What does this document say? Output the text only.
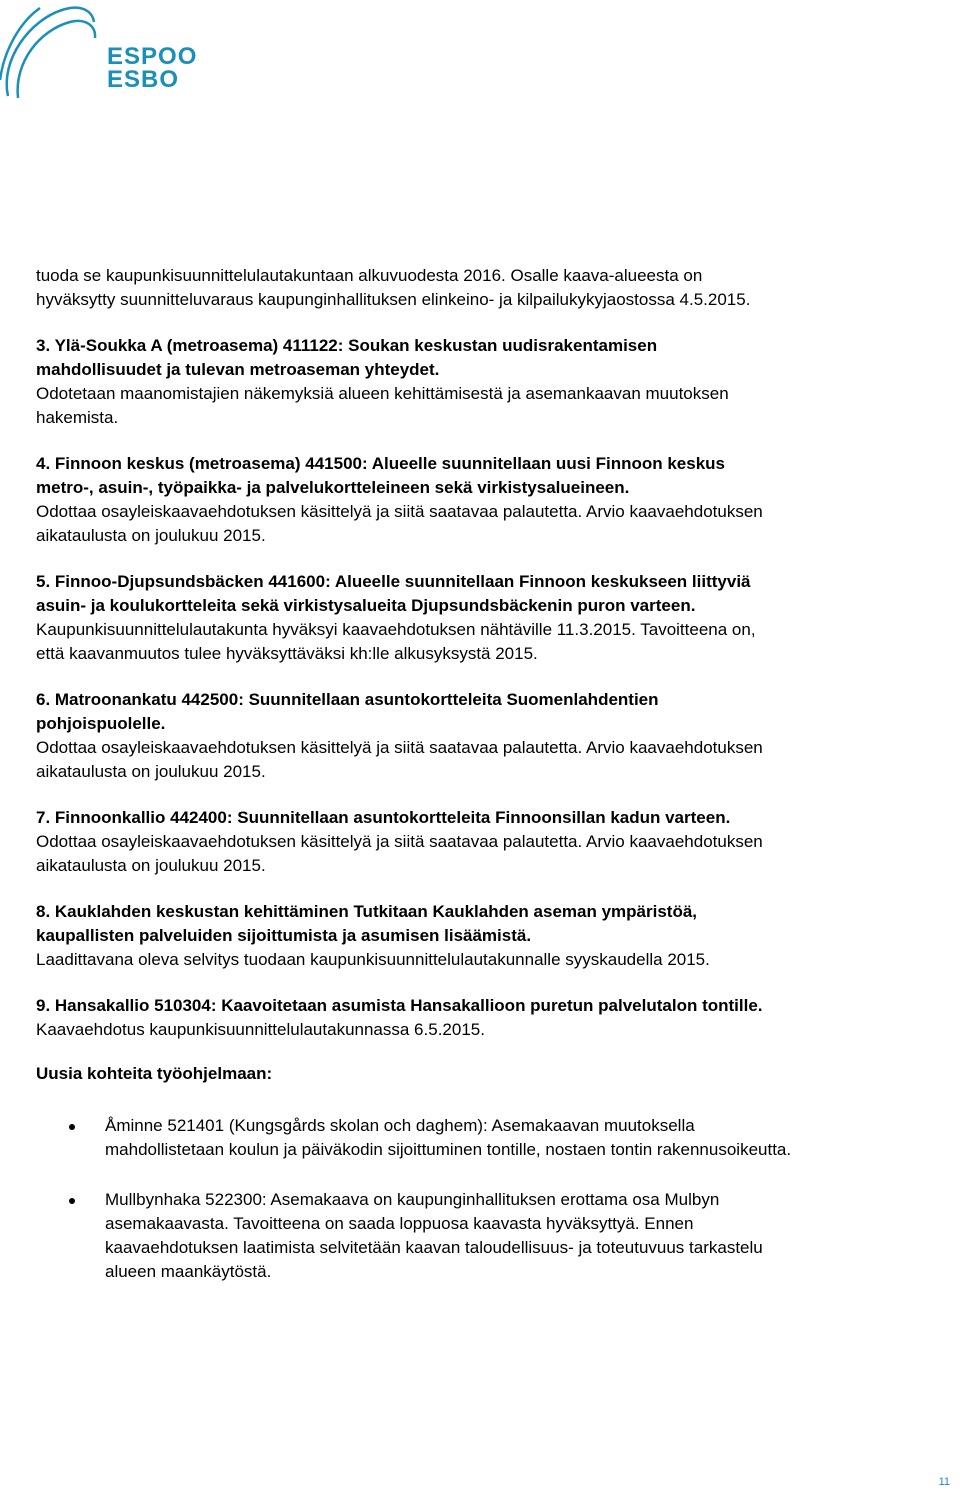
ESPOO
ESBO
tuoda se kaupunkisuunnittelulautakuntaan alkuvuodesta 2016. Osalle kaava-alueesta on
hyväksytty suunnitteluvaraus kaupunginhallituksen elinkeino- ja kilpailukykyjaostossa 4.5.2015.
3. Ylä-Soukka A (metroasema) 411122: Soukan keskustan uudisrakentamisen
mahdollisuudet ja tulevan metroaseman yhteydet.
Odotetaan maanomistajien näkemyksiä alueen kehittämisestä ja asemankaavan muutoksen
hakemista.
4. Finnoon keskus (metroasema) 441500: Alueelle suunnitellaan uusi Finnoon keskus
metro-, asuin-, työpaikka- ja palvelukortteleineen sekä virkistysalueineen.
Odottaa osayleiskaavaehdotuksen käsittelyä ja siitä saatavaa palautetta. Arvio kaavaehdotuksen
aikataulusta on joulukuu 2015.
5. Finnoo-Djupsundsbäcken 441600: Alueelle suunnitellaan Finnoon keskukseen liittyviä
asuin- ja koulukortteleita sekä virkistysalueita Djupsundsbäckenin puron varteen.
Kaupunkisuunnittelulautakunta hyväksyi kaavaehdotuksen nähtäville 11.3.2015. Tavoitteena on,
että kaavanmuutos tulee hyväksyttäväksi kh:lle alkusyksystä 2015.
6. Matroonankatu 442500: Suunnitellaan asuntokortteleita Suomenlahdentien
pohjoispuolelle.
Odottaa osayleiskaavaehdotuksen käsittelyä ja siitä saatavaa palautetta. Arvio kaavaehdotuksen
aikataulusta on joulukuu 2015.
7. Finnoonkallio 442400: Suunnitellaan asuntokortteleita Finnoonsillan kadun varteen.
Odottaa osayleiskaavaehdotuksen käsittelyä ja siitä saatavaa palautetta. Arvio kaavaehdotuksen
aikataulusta on joulukuu 2015.
8. Kauklahden keskustan kehittäminen Tutkitaan Kauklahden aseman ympäristöä,
kaupallisten palveluiden sijoittumista ja asumisen lisäämistä.
Laadittavana oleva selvitys tuodaan kaupunkisuunnittelulautakunnalle syyskaudella 2015.
9. Hansakallio 510304: Kaavoitetaan asumista Hansakallioon puretun palvelutalon tontille.
Kaavaehdotus kaupunkisuunnittelulautakunnassa 6.5.2015.
Uusia kohteita työohjelmaan:
Åminne 521401 (Kungsgårds skolan och daghem): Asemakaavan muutoksella
mahdollistetaan koulun ja päiväkodin sijoittuminen tontille, nostaen tontin rakennusoikeutta.
Mullbynhaka 522300: Asemakaava on kaupunginhallituksen erottama osa Mulbyn
asemakaavasta. Tavoitteena on saada loppuosa kaavasta hyväksyttyä. Ennen
kaavaehdotuksen laatimista selvitetään kaavan taloudellisuus- ja toteutuvuus tarkastelu
alueen maankäytöstä.
11
